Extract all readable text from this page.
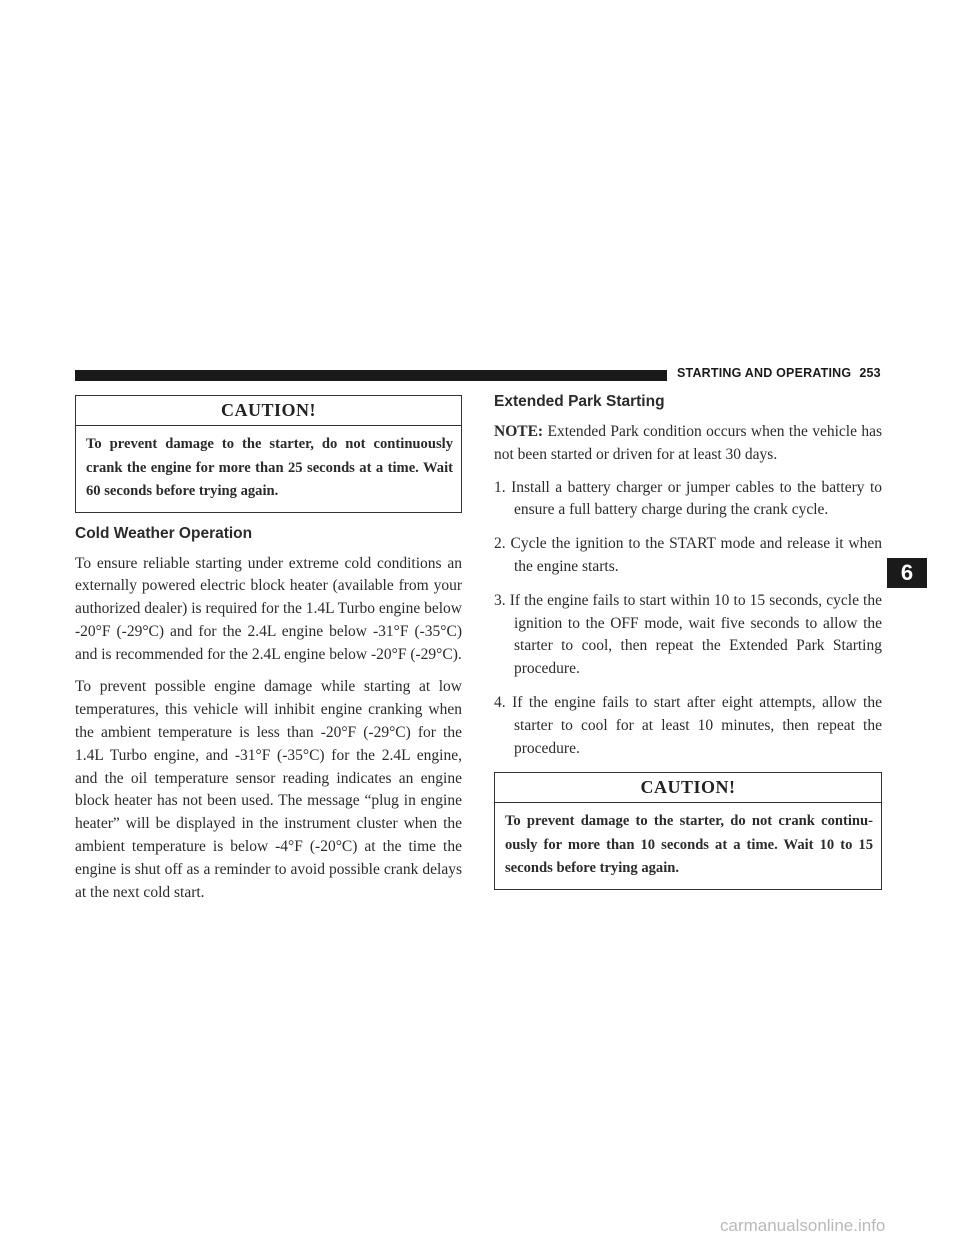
STARTING AND OPERATING 253
6
CAUTION!
To prevent damage to the starter, do not continuously crank the engine for more than 25 seconds at a time. Wait 60 seconds before trying again.
Cold Weather Operation

To ensure reliable starting under extreme cold conditions an externally powered electric block heater (available from your authorized dealer) is required for the 1.4L Turbo engine below -20°F (-29°C) and for the 2.4L engine below -31°F (-35°C) and is recommended for the 2.4L engine below -20°F (-29°C).

To prevent possible engine damage while starting at low temperatures, this vehicle will inhibit engine cranking when the ambient temperature is less than -20°F (-29°C) for the 1.4L Turbo engine, and -31°F (-35°C) for the 2.4L engine, and the oil temperature sensor reading indicates an engine block heater has not been used. The message “plug in engine heater” will be displayed in the instrument cluster when the ambient temperature is below -4°F (-20°C) at the time the engine is shut off as a reminder to avoid possible crank delays at the next cold start.

Extended Park Starting

NOTE: Extended Park condition occurs when the vehicle has not been started or driven for at least 30 days.

1. Install a battery charger or jumper cables to the battery to ensure a full battery charge during the crank cycle.
2. Cycle the ignition to the START mode and release it when the engine starts.
3. If the engine fails to start within 10 to 15 seconds, cycle the ignition to the OFF mode, wait five seconds to allow the starter to cool, then repeat the Extended Park Starting procedure.
4. If the engine fails to start after eight attempts, allow the starter to cool for at least 10 minutes, then repeat the procedure.
CAUTION!
To prevent damage to the starter, do not crank continu- ously for more than 10 seconds at a time. Wait 10 to 15 seconds before trying again.
carmanualsonline.info
